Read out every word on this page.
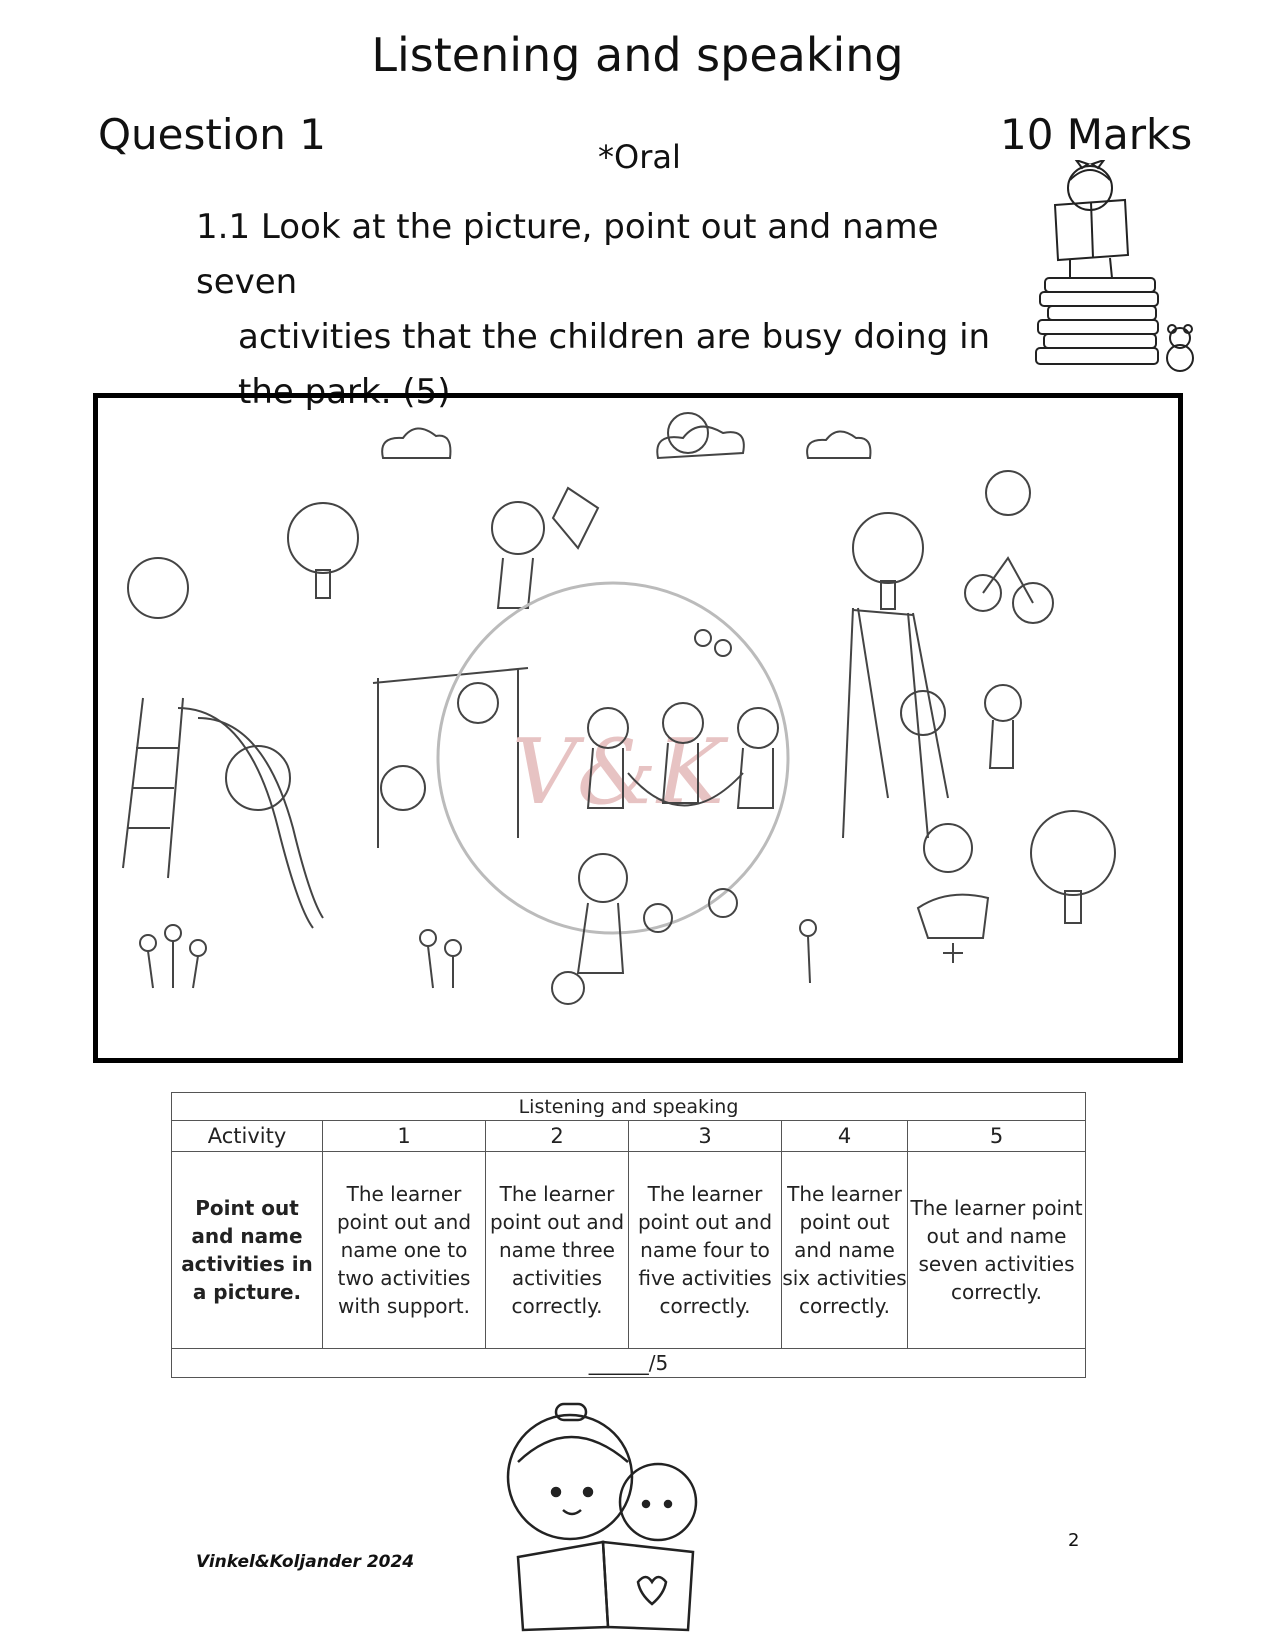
Listening and speaking
Question 1	*Oral	10 Marks
1.1 Look at the picture, point out and name seven
activities that the children are busy doing in
the park. (5)
V&K
Listening and speaking					
Activity	1	2	3	4	5
Point out and name activities in a picture.	The learner point out and name one to two activities with support.	The learner point out and name three activities correctly.	The learner point out and name four to five activities correctly.	The learner point out and name six activities correctly.	The learner point out and name seven activities correctly.
______/5					
Vinkel&Koljander 2024
2
